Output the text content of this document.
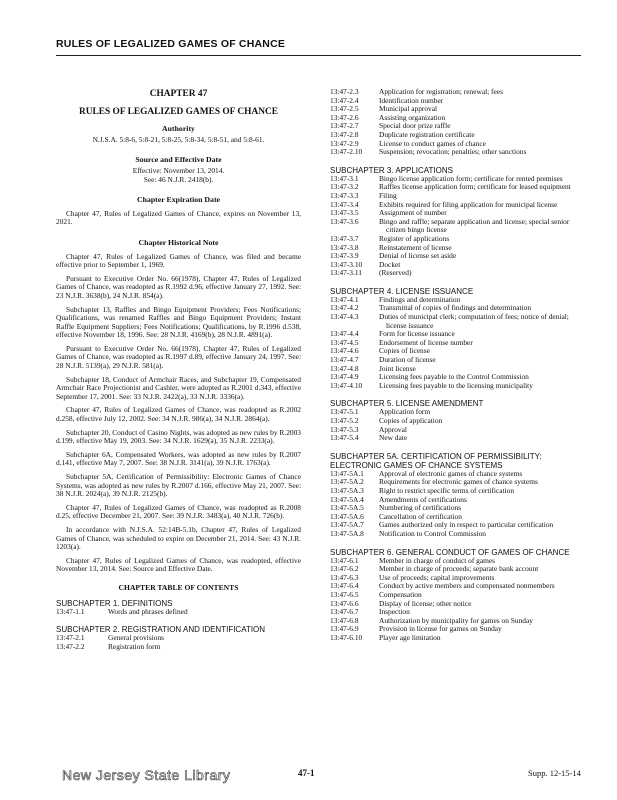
RULES OF LEGALIZED GAMES OF CHANCE
CHAPTER 47
RULES OF LEGALIZED GAMES OF CHANCE
Authority
N.J.S.A. 5:8-6, 5:8-21, 5:8-25, 5:8-34, 5:8-51, and 5:8-61.
Source and Effective Date
Effective: November 13, 2014.
See: 46 N.J.R. 2418(b).
Chapter Expiration Date

Chapter 47, Rules of Legalized Games of Chance, expires on November 13, 2021.

Chapter Historical Note

Chapter 47, Rules of Legalized Games of Chance, was filed and became effective prior to September 1, 1969.

Pursuant to Executive Order No. 66(1978), Chapter 47, Rules of Legalized Games of Chance, was readopted as R.1992 d.96, effective January 27, 1992. See: 23 N.J.R. 3638(b), 24 N.J.R. 854(a).

Subchapter 13, Raffles and Bingo Equipment Providers; Fees Notifications; Qualifications, was renamed Raffles and Bingo Equipment Providers; Instant Raffle Equipment Suppliers; Fees Notifications; Qualifications, by R.1996 d.538, effective November 18, 1996. See: 28 N.J.R. 4169(b), 28 N.J.R. 4891(a).

Pursuant to Executive Order No. 66(1978), Chapter 47, Rules of Legalized Games of Chance, was readopted as R.1997 d.89, effective January 24, 1997. See: 28 N.J.R. 5139(a), 29 N.J.R. 581(a).

Subchapter 18, Conduct of Armchair Races, and Subchapter 19, Compensated Armchair Race Projectionist and Cashier, were adopted as R.2001 d.343, effective September 17, 2001. See: 33 N.J.R. 2422(a), 33 N.J.R. 3336(a).

Chapter 47, Rules of Legalized Games of Chance, was readopted as R.2002 d.258, effective July 12, 2002. See: 34 N.J.R. 986(a), 34 N.J.R. 2864(a).

Subchapter 20, Conduct of Casino Nights, was adopted as new rules by R.2003 d.199, effective May 19, 2003. See: 34 N.J.R. 1629(a), 35 N.J.R. 2233(a).

Subchapter 6A, Compensated Workers, was adopted as new rules by R.2007 d.141, effective May 7, 2007. See: 38 N.J.R. 3141(a), 39 N.J.R. 1763(a).

Subchapter 5A, Certification of Permissibility: Electronic Games of Chance Systems, was adopted as new rules by R.2007 d.166, effective May 21, 2007. See: 38 N.J.R. 2024(a), 39 N.J.R. 2125(b).

Chapter 47, Rules of Legalized Games of Chance, was readopted as R.2008 d.25, effective December 21, 2007. See: 39 N.J.R. 3483(a), 40 N.J.R. 726(b).

In accordance with N.J.S.A. 52:14B-5.1b, Chapter 47, Rules of Legalized Games of Chance, was scheduled to expire on December 21, 2014. See: 43 N.J.R. 1203(a).

Chapter 47, Rules of Legalized Games of Chance, was readopted, effective November 13, 2014. See: Source and Effective Date.

CHAPTER TABLE OF CONTENTS
SUBCHAPTER 1. DEFINITIONS
13:47-1.1	Words and phrases defined
SUBCHAPTER 2. REGISTRATION AND IDENTIFICATION
13:47-2.1	General provisions
13:47-2.2	Registration form
13:47-2.3	Application for registration; renewal; fees
13:47-2.4	Identification number
13:47-2.5	Municipal approval
13:47-2.6	Assisting organization
13:47-2.7	Special door prize raffle
13:47-2.8	Duplicate registration certificate
13:47-2.9	License to conduct games of chance
13:47-2.10	Suspension; revocation; penalties; other sanctions
SUBCHAPTER 3. APPLICATIONS
13:47-3.1	Bingo license application form; certificate for rented premises
13:47-3.2	Raffles license application form; certificate for leased equipment
13:47-3.3	Filing
13:47-3.4	Exhibits required for filing application for municipal license
13:47-3.5	Assignment of number
13:47-3.6	Bingo and raffle; separate application and license; special senior citizen bingo license
13:47-3.7	Register of applications
13:47-3.8	Reinstatement of license
13:47-3.9	Denial of license set aside
13:47-3.10	Docket
13:47-3.11	(Reserved)
SUBCHAPTER 4. LICENSE ISSUANCE
13:47-4.1	Findings and determination
13:47-4.2	Transmittal of copies of findings and determination
13:47-4.3	Duties of municipal clerk; computation of fees; notice of denial; license issuance
13:47-4.4	Form for license issuance
13:47-4.5	Endorsement of license number
13:47-4.6	Copies of license
13:47-4.7	Duration of license
13:47-4.8	Joint license
13:47-4.9	Licensing fees payable to the Control Commission
13:47-4.10	Licensing fees payable to the licensing municipality
SUBCHAPTER 5. LICENSE AMENDMENT
13:47-5.1	Application form
13:47-5.2	Copies of application
13:47-5.3	Approval
13:47-5.4	New date
SUBCHAPTER 5A. CERTIFICATION OF PERMISSIBILITY: ELECTRONIC GAMES OF CHANCE SYSTEMS
13:47-5A.1	Approval of electronic games of chance systems
13:47-5A.2	Requirements for electronic games of chance systems
13:47-5A.3	Right to restrict specific terms of certification
13:47-5A.4	Amendments of certifications
13:47-5A.5	Numbering of certifications
13:47-5A.6	Cancellation of certification
13:47-5A.7	Games authorized only in respect to particular certification
13:47-5A.8	Notification to Control Commission
SUBCHAPTER 6. GENERAL CONDUCT OF GAMES OF CHANCE
13:47-6.1	Member in charge of conduct of games
13:47-6.2	Member in charge of proceeds; separate bank account
13:47-6.3	Use of proceeds; capital improvements
13:47-6.4	Conduct by active members and compensated nonmembers
13:47-6.5	Compensation
13:47-6.6	Display of license; other notice
13:47-6.7	Inspection
13:47-6.8	Authorization by municipality for games on Sunday
13:47-6.9	Provision in license for games on Sunday
13:47-6.10	Player age limitation
New Jersey State Library	47-1	Supp. 12-15-14
